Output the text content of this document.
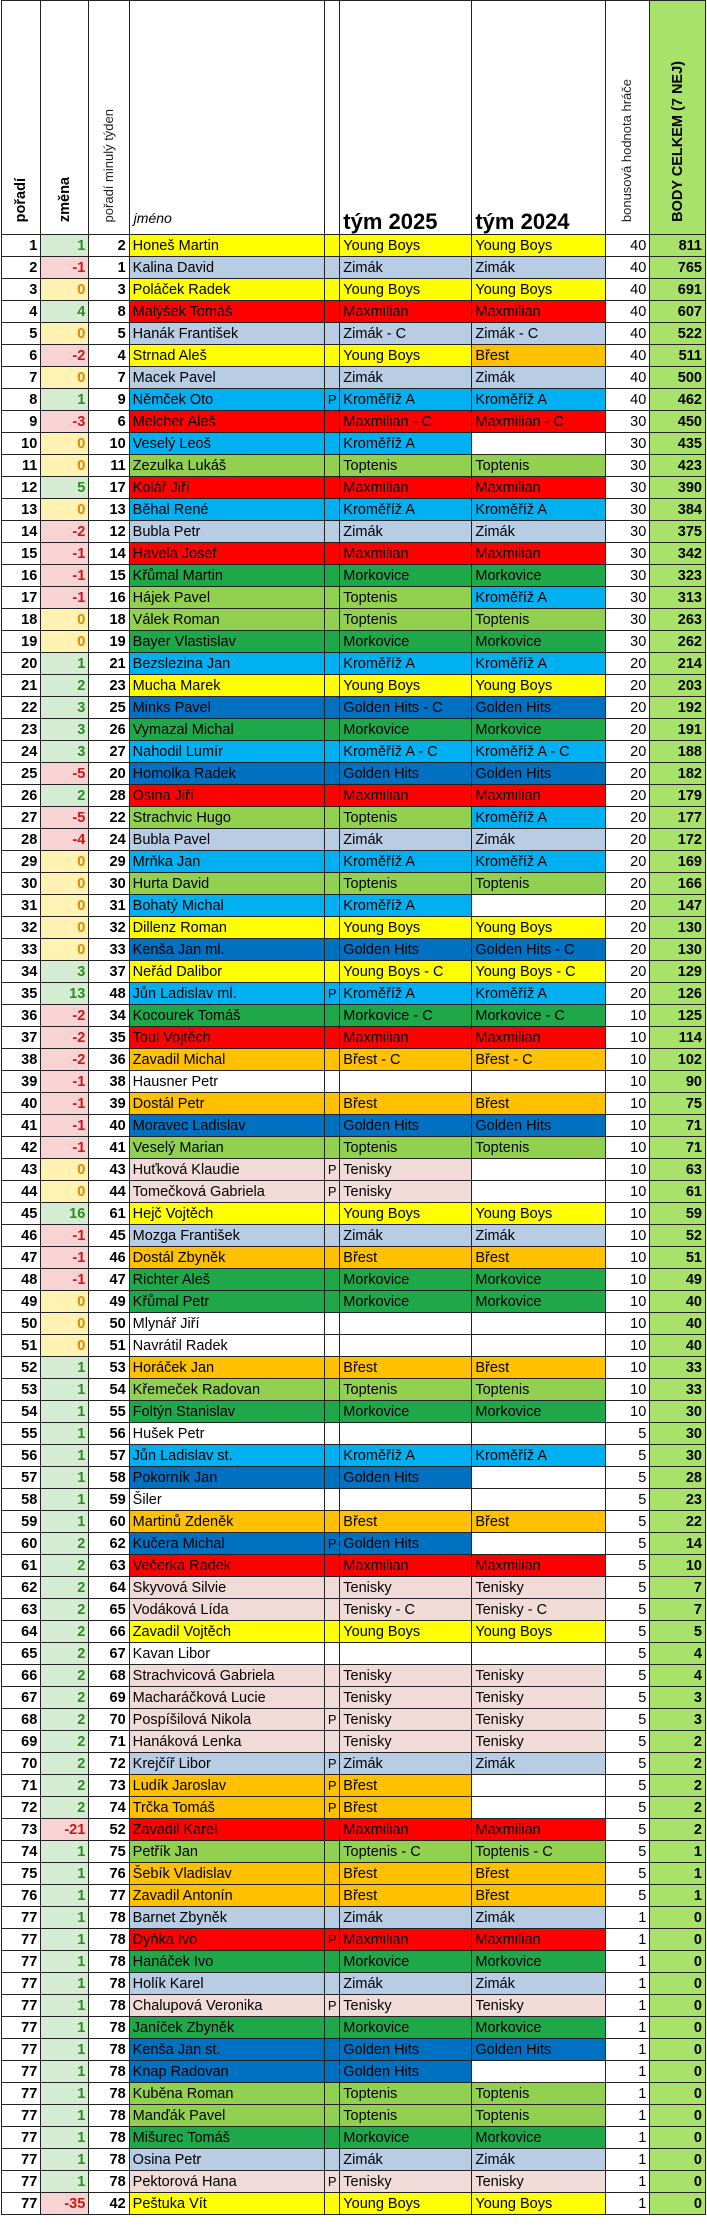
pořadí	změna	pořadí minulý týden	jméno		tým 2025	tým 2024	bonusová hodnota hráče	BODY CELKEM (7 NEJ)
1	1	2	Honeš Martin		Young Boys	Young Boys	40	811
2	-1	1	Kalina David		Zimák	Zimák	40	765
3	0	3	Poláček Radek		Young Boys	Young Boys	40	691
4	4	8	Malýšek Tomáš		Maxmilian	Maxmilian	40	607
5	0	5	Hanák František		Zimák - C	Zimák - C	40	522
6	-2	4	Strnad Aleš		Young Boys	Břest	40	511
7	0	7	Macek Pavel		Zimák	Zimák	40	500
8	1	9	Němček Oto	P	Kroměříž A	Kroměříž A	40	462
9	-3	6	Melcher Aleš		Maxmilian - C	Maxmilian - C	30	450
10	0	10	Veselý Leoš		Kroměříž A		30	435
11	0	11	Zezulka Lukáš		Toptenis	Toptenis	30	423
12	5	17	Kolář Jiří		Maxmilian	Maxmilian	30	390
13	0	13	Běhal René		Kroměříž A	Kroměříž A	30	384
14	-2	12	Bubla Petr		Zimák	Zimák	30	375
15	-1	14	Havela Josef		Maxmilian	Maxmilian	30	342
16	-1	15	Křůmal Martin		Morkovice	Morkovice	30	323
17	-1	16	Hájek Pavel		Toptenis	Kroměříž A	30	313
18	0	18	Válek Roman		Toptenis	Toptenis	30	263
19	0	19	Bayer Vlastislav		Morkovice	Morkovice	30	262
20	1	21	Bezslezina Jan		Kroměříž A	Kroměříž A	20	214
21	2	23	Mucha Marek		Young Boys	Young Boys	20	203
22	3	25	Minks Pavel		Golden Hits - C	Golden Hits	20	192
23	3	26	Vymazal Michal		Morkovice	Morkovice	20	191
24	3	27	Nahodil Lumír		Kroměříž A - C	Kroměříž A - C	20	188
25	-5	20	Homolka Radek		Golden Hits	Golden Hits	20	182
26	2	28	Osina Jiří		Maxmilian	Maxmilian	20	179
27	-5	22	Strachvic Hugo		Toptenis	Kroměříž A	20	177
28	-4	24	Bubla Pavel		Zimák	Zimák	20	172
29	0	29	Mrňka Jan		Kroměříž A	Kroměříž A	20	169
30	0	30	Hurta David		Toptenis	Toptenis	20	166
31	0	31	Bohatý Michal		Kroměříž A		20	147
32	0	32	Dillenz Roman		Young Boys	Young Boys	20	130
33	0	33	Kenša Jan ml.		Golden Hits	Golden Hits - C	20	130
34	3	37	Neřád Dalibor		Young Boys - C	Young Boys - C	20	129
35	13	48	Jůn Ladislav ml.	P	Kroměříž A	Kroměříž A	20	126
36	-2	34	Kocourek Tomáš		Morkovice - C	Morkovice - C	10	125
37	-2	35	Toul Vojtěch		Maxmilian	Maxmilian	10	114
38	-2	36	Zavadil Michal		Břest - C	Břest - C	10	102
39	-1	38	Hausner Petr				10	90
40	-1	39	Dostál Petr		Břest	Břest	10	75
41	-1	40	Moravec Ladislav		Golden Hits	Golden Hits	10	71
42	-1	41	Veselý Marian		Toptenis	Toptenis	10	71
43	0	43	Huťková Klaudie	P	Tenisky		10	63
44	0	44	Tomečková Gabriela	P	Tenisky		10	61
45	16	61	Hejč Vojtěch		Young Boys	Young Boys	10	59
46	-1	45	Mozga František		Zimák	Zimák	10	52
47	-1	46	Dostál Zbyněk		Břest	Břest	10	51
48	-1	47	Richter Aleš		Morkovice	Morkovice	10	49
49	0	49	Křůmal Petr		Morkovice	Morkovice	10	40
50	0	50	Mlynář Jiří				10	40
51	0	51	Navrátil Radek				10	40
52	1	53	Horáček Jan		Břest	Břest	10	33
53	1	54	Křemeček Radovan		Toptenis	Toptenis	10	33
54	1	55	Foltýn Stanislav		Morkovice	Morkovice	10	30
55	1	56	Hušek Petr				5	30
56	1	57	Jůn Ladislav st.		Kroměříž A	Kroměříž A	5	30
57	1	58	Pokorník Jan		Golden Hits		5	28
58	1	59	Šiler				5	23
59	1	60	Martinů Zdeněk		Břest	Břest	5	22
60	2	62	Kučera Michal	P	Golden Hits		5	14
61	2	63	Večerka Radek		Maxmilian	Maxmilian	5	10
62	2	64	Skyvová Silvie		Tenisky	Tenisky	5	7
63	2	65	Vodáková Lída		Tenisky - C	Tenisky - C	5	7
64	2	66	Zavadil Vojtěch		Young Boys	Young Boys	5	5
65	2	67	Kavan Libor				5	4
66	2	68	Strachvicová Gabriela		Tenisky	Tenisky	5	4
67	2	69	Macharáčková Lucie		Tenisky	Tenisky	5	3
68	2	70	Pospíšilová Nikola	P	Tenisky	Tenisky	5	3
69	2	71	Hanáková Lenka		Tenisky	Tenisky	5	2
70	2	72	Krejčíř Libor	P	Zimák	Zimák	5	2
71	2	73	Ludík Jaroslav	P	Břest		5	2
72	2	74	Trčka Tomáš	P	Břest		5	2
73	-21	52	Zavadil Karel		Maxmilian	Maxmilian	5	2
74	1	75	Petřík Jan		Toptenis - C	Toptenis - C	5	1
75	1	76	Šebík Vladislav		Břest	Břest	5	1
76	1	77	Zavadil Antonín		Břest	Břest	5	1
77	1	78	Barnet Zbyněk		Zimák	Zimák	1	0
77	1	78	Dyňka Ivo	P	Maxmilian	Maxmilian	1	0
77	1	78	Hanáček Ivo		Morkovice	Morkovice	1	0
77	1	78	Holík Karel		Zimák	Zimák	1	0
77	1	78	Chalupová Veronika	P	Tenisky	Tenisky	1	0
77	1	78	Janíček Zbyněk		Morkovice	Morkovice	1	0
77	1	78	Kenša Jan st.		Golden Hits	Golden Hits	1	0
77	1	78	Knap Radovan		Golden Hits		1	0
77	1	78	Kuběna Roman		Toptenis	Toptenis	1	0
77	1	78	Manďák Pavel		Toptenis	Toptenis	1	0
77	1	78	Mišurec Tomáš		Morkovice	Morkovice	1	0
77	1	78	Osina Petr		Zimák	Zimák	1	0
77	1	78	Pektorová Hana	P	Tenisky	Tenisky	1	0
77	-35	42	Peštuka Vít		Young Boys	Young Boys	1	0
